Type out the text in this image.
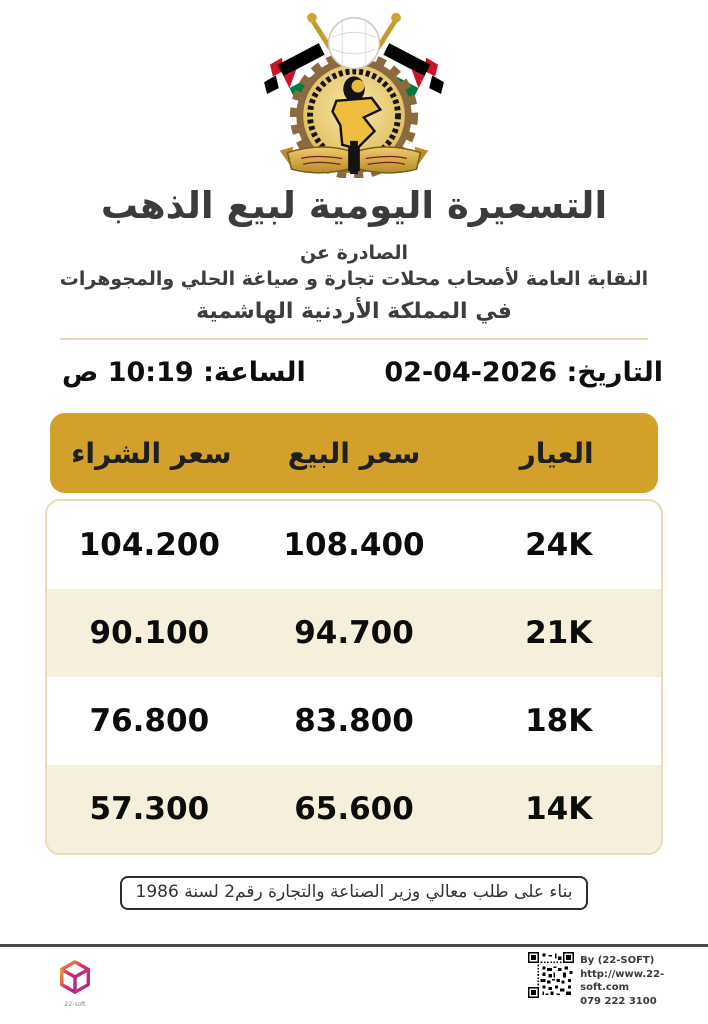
التسعيرة اليومية لبيع الذهب
الصادرة عن
النقابة العامة لأصحاب محلات تجارة و صياغة الحلي والمجوهرات
في المملكة الأردنية الهاشمية
التاريخ: 02-04-2026
الساعة: 10:19 ص
العيار
سعر البيع
سعر الشراء
24K
108.400
104.200
21K
94.700
90.100
18K
83.800
76.800
14K
65.600
57.300
بناء على طلب معالي وزير الصناعة والتجارة رقم2 لسنة 1986
22-soft
By (22-SOFT)
http://www.22-soft.com
079 222 3100
